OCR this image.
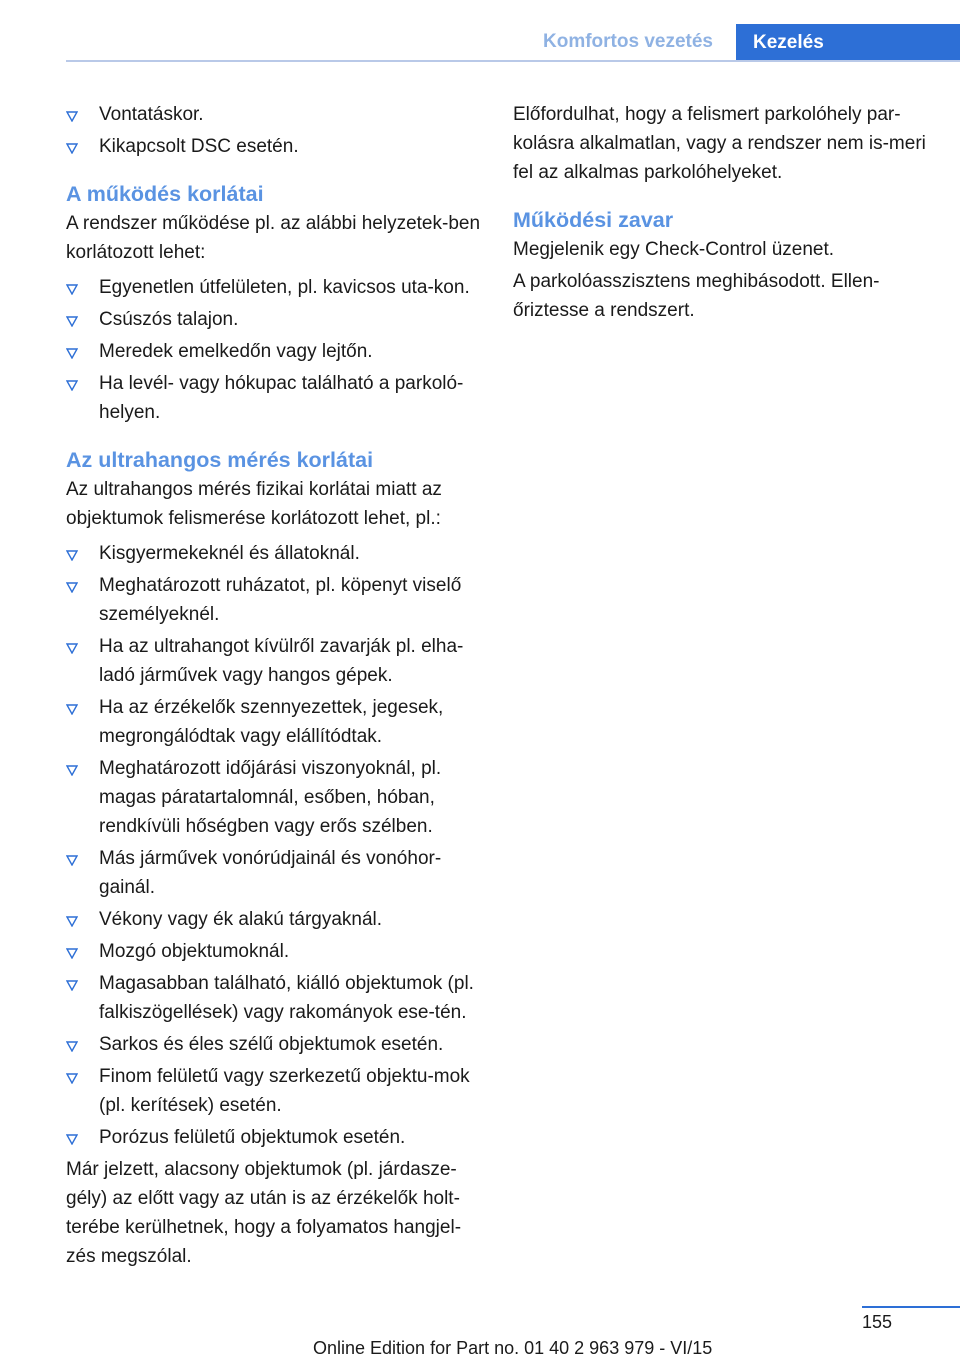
Komfortos vezetés	Kezelés

Vontatáskor.

Kikapcsolt DSC esetén.

A működés korlátai

A rendszer működése pl. az alábbi helyzetek-ben korlátozott lehet:

Egyenetlen útfelületen, pl. kavicsos uta-kon.

Csúszós talajon.

Meredek emelkedőn vagy lejtőn.

Ha levél- vagy hókupac található a parkoló-helyen.

Az ultrahangos mérés korlátai

Az ultrahangos mérés fizikai korlátai miatt az objektumok felismerése korlátozott lehet, pl.:

Kisgyermekeknél és állatoknál.

Meghatározott ruházatot, pl. köpenyt viselő személyeknél.

Ha az ultrahangot kívülről zavarják pl. elha-ladó járművek vagy hangos gépek.

Ha az érzékelők szennyezettek, jegesek, megrongálódtak vagy elállítódtak.

Meghatározott időjárási viszonyoknál, pl. magas páratartalomnál, esőben, hóban, rendkívüli hőségben vagy erős szélben.

Más járművek vonórúdjainál és vonóhor-gainál.

Vékony vagy ék alakú tárgyaknál.

Mozgó objektumoknál.

Magasabban található, kiálló objektumok (pl. falkiszögellések) vagy rakományok ese-tén.

Sarkos és éles szélű objektumok esetén.

Finom felületű vagy szerkezetű objektu-mok (pl. kerítések) esetén.

Porózus felületű objektumok esetén.

Már jelzett, alacsony objektumok (pl. járdasze-gély) az előtt vagy az után is az érzékelők holt-terébe kerülhetnek, hogy a folyamatos hangjel-zés megszólal.

Előfordulhat, hogy a felismert parkolóhely par-kolásra alkalmatlan, vagy a rendszer nem is-meri fel az alkalmas parkolóhelyeket.

Működési zavar

Megjelenik egy Check-Control üzenet.

A parkolóasszisztens meghibásodott. Ellen-őriztesse a rendszert.

155
Online Edition for Part no. 01 40 2 963 979 - VI/15
